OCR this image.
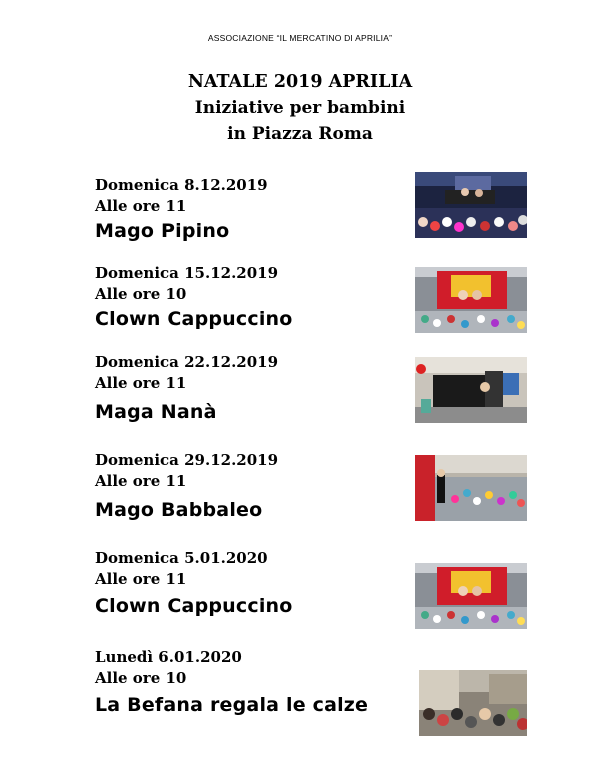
ASSOCIAZIONE “IL MERCATINO DI APRILIA”
NATALE 2019 APRILIA
Iniziative per bambini
in Piazza Roma
Domenica 8.12.2019
Alle ore 11
Mago Pipino
Domenica 15.12.2019
Alle ore 10
Clown Cappuccino
Domenica 22.12.2019
Alle ore 11
Maga Nanà
Domenica 29.12.2019
Alle ore 11
Mago Babbaleo
Domenica 5.01.2020
Alle ore 11
Clown Cappuccino
Lunedì 6.01.2020
Alle ore 10
La Befana regala le calze
